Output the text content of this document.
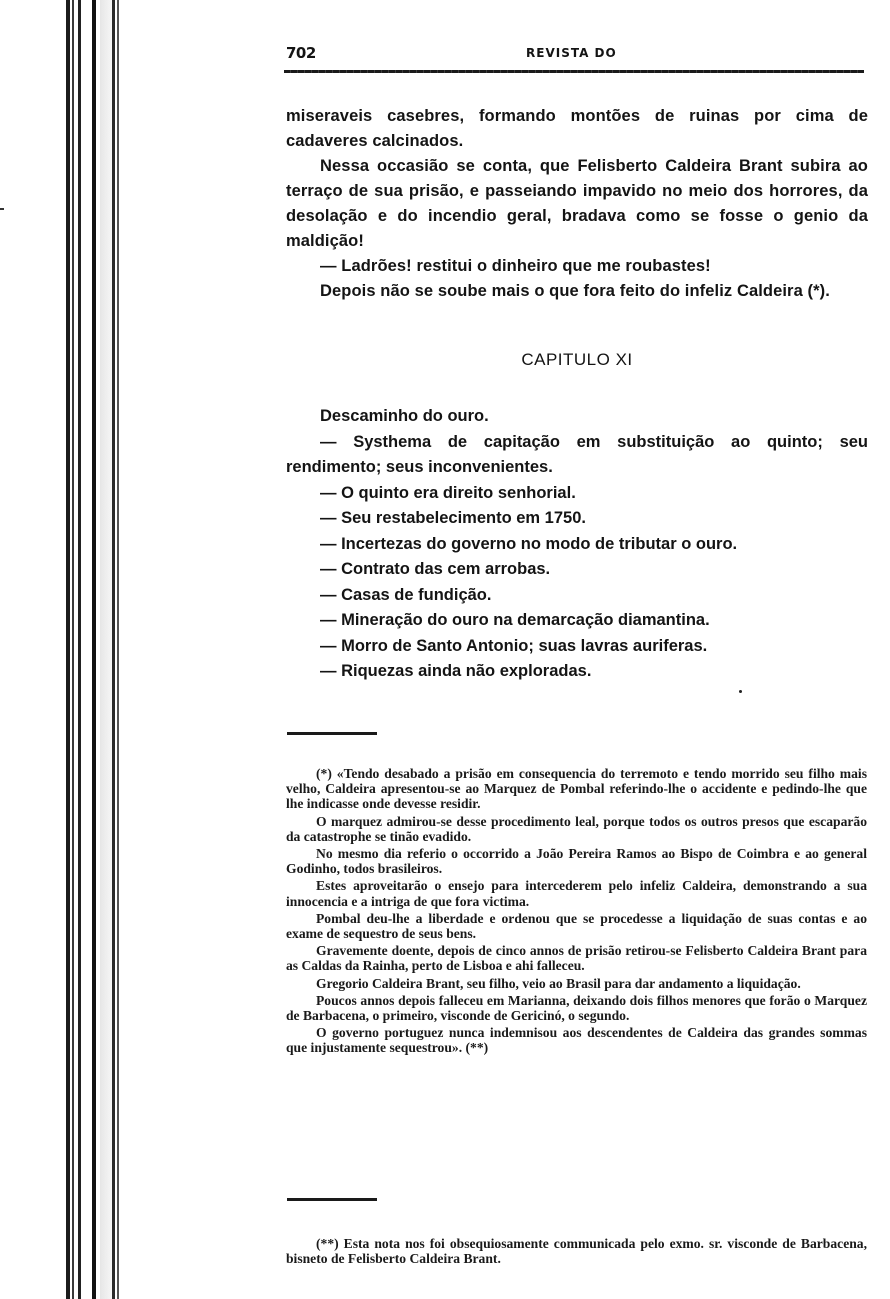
702	REVISTA DO

miseraveis casebres, formando montões de ruinas por cima de cadaveres calcinados.

Nessa occasião se conta, que Felisberto Caldeira Brant subira ao terraço de sua prisão, e passeiando impavido no meio dos horrores, da desolação e do incendio geral, bradava como se fosse o genio da maldição!

— Ladrões! restitui o dinheiro que me roubastes!

Depois não se soube mais o que fora feito do infeliz Caldeira (*).

CAPITULO XI

Descaminho do ouro.

— Systhema de capitação em substituição ao quinto; seu rendimento; seus inconvenientes.

— O quinto era direito senhorial.

— Seu restabelecimento em 1750.

— Incertezas do governo no modo de tributar o ouro.

— Contrato das cem arrobas.

— Casas de fundição.

— Mineração do ouro na demarcação diamantina.

— Morro de Santo Antonio; suas lavras auriferas.

— Riquezas ainda não exploradas.

(*) «Tendo desabado a prisão em consequencia do terremoto e tendo morrido seu filho mais velho, Caldeira apresentou-se ao Marquez de Pombal referindo-lhe o accidente e pedindo-lhe que lhe indicasse onde devesse residir.

O marquez admirou-se desse procedimento leal, porque todos os outros presos que escaparão da catastrophe se tinão evadido.

No mesmo dia referio o occorrido a João Pereira Ramos ao Bispo de Coimbra e ao general Godinho, todos brasileiros.

Estes aproveitarão o ensejo para intercederem pelo infeliz Caldeira, demonstrando a sua innocencia e a intriga de que fora victima.

Pombal deu-lhe a liberdade e ordenou que se procedesse a liquidação de suas contas e ao exame de sequestro de seus bens.

Gravemente doente, depois de cinco annos de prisão retirou-se Felisberto Caldeira Brant para as Caldas da Rainha, perto de Lisboa e ahi falleceu.

Gregorio Caldeira Brant, seu filho, veio ao Brasil para dar andamento a liquidação.

Poucos annos depois falleceu em Marianna, deixando dois filhos menores que forão o Marquez de Barbacena, o primeiro, visconde de Gericinó, o segundo.

O governo portuguez nunca indemnisou aos descendentes de Caldeira das grandes sommas que injustamente sequestrou». (**)

(**) Esta nota nos foi obsequiosamente communicada pelo exmo. sr. visconde de Barbacena, bisneto de Felisberto Caldeira Brant.
